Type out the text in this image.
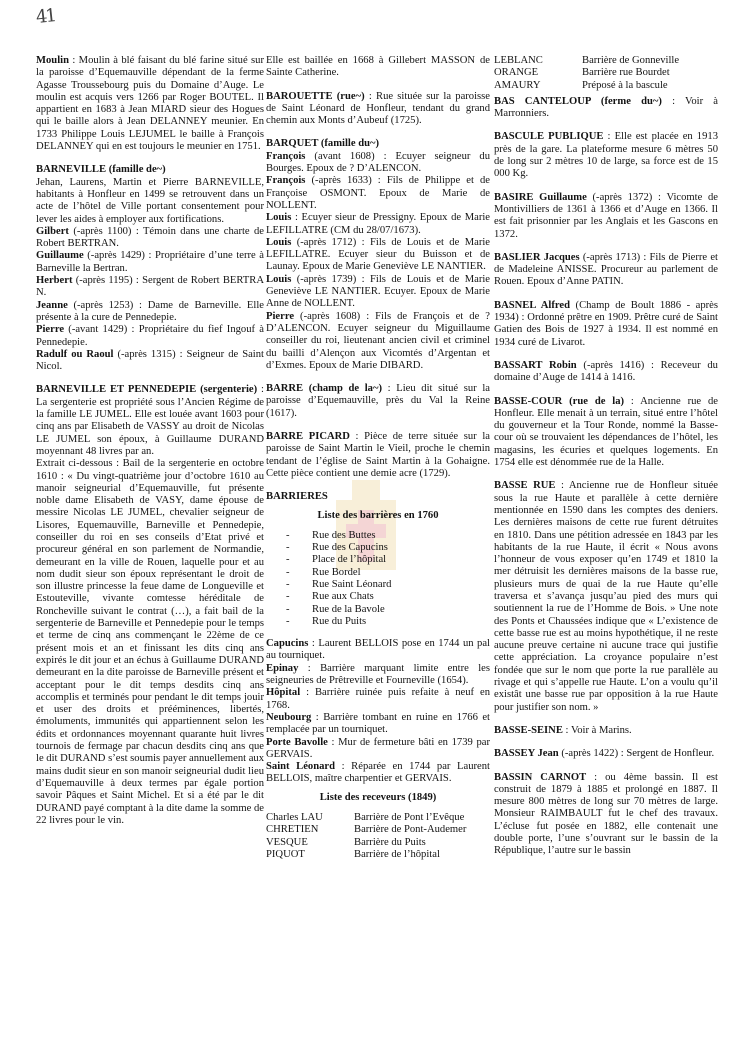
41

Moulin : Moulin à blé faisant du blé farine situé sur la paroisse d’Equemauville dépendant de la ferme Agasse Troussebourg puis du Domaine d’Auge. Le moulin est acquis vers 1266 par Roger BOUTEL. Il appartient en 1683 à Jean MIARD sieur des Hogues qui le baille alors à Jean DELANNEY meunier. En 1733 Philippe Louis LEJUMEL le baille à François DELANNEY qui en est toujours le meunier en 1751.

BARNEVILLE (famille de~)

Jehan, Laurens, Martin et Pierre BARNEVILLE, habitants à Honfleur en 1499 se retrouvent dans un acte de l’hôtel de Ville portant consentement pour lever les aides à employer aux fortifications.

Gilbert (-après 1100) : Témoin dans une charte de Robert BERTRAN.

Guillaume (-après 1429) : Propriétaire d’une terre à Barneville la Bertran.

Herbert (-après 1195) : Sergent de Robert BERTRA N.

Jeanne (-après 1253) : Dame de Barneville. Elle présente à la cure de Pennedepie.

Pierre (-avant 1429) : Propriétaire du fief Ingouf à Pennedepie.

Radulf ou Raoul (-après 1315) : Seigneur de Saint Nicol.

BARNEVILLE ET PENNEDEPIE (sergenterie) : La sergenterie est propriété sous l’Ancien Régime de la famille LE JUMEL. Elle est louée avant 1603 pour cinq ans par Elisabeth de VASSY au droit de Nicolas LE JUMEL son époux, à Guillaume DURAND moyennant 48 livres par an.

Extrait ci-dessous : Bail de la sergenterie en octobre 1610 : « Du vingt-quatrième jour d’octobre 1610 au manoir seigneurial d’Equemauville, fut présente noble dame Elisabeth de VASY, dame épouse de messire Nicolas LE JUMEL, chevalier seigneur de Lisores, Equemauville, Barneville et Pennedepie, conseiller du roi en ses conseils d’Etat privé et procureur général en son parlement de Normandie, demeurant en la ville de Rouen, laquelle pour et au nom dudit sieur son époux représentant le droit de son illustre princesse la feue dame de Longueville et Estouteville, vivante comtesse héréditale de Roncheville suivant le contrat (…), a fait bail de la sergenterie de Barneville et Pennedepie pour le temps et terme de cinq ans commençant le 22ème de ce présent mois et an et finissant les dits cinq ans expirés le dit jour et an échus à Guillaume DURAND demeurant en la dite paroisse de Barneville présent et acceptant pour le dit temps desdits cinq ans accomplis et terminés pour pendant le dit temps jouir et user des droits et prééminences, libertés, émoluments, immunités qui appartiennent selon les édits et ordonnances moyennant quarante huit livres tournois de fermage par chacun desdits cinq ans que le dit DURAND s’est soumis payer annuellement aux mains dudit sieur en son manoir seigneurial dudit lieu d’Equemauville à deux termes par égale portion savoir Pâques et Saint Michel. Et si a été par le dit DURAND payé comptant à la dite dame la somme de 22 livres pour le vin.

Elle est baillée en 1668 à Gillebert MASSON de Sainte Catherine.

BAROUETTE (rue~) : Rue située sur la paroisse de Saint Léonard de Honfleur, tendant du grand chemin aux Monts d’Aubeuf (1725).

BARQUET (famille du~)

François (avant 1608) : Ecuyer seigneur du Bourges. Epoux de ? D’ALENCON.

François (-après 1633) : Fils de Philippe et de Françoise OSMONT. Epoux de Marie de NOLLENT.

Louis : Ecuyer sieur de Pressigny. Epoux de Marie LEFILLATRE (CM du 28/07/1673).

Louis (-après 1712) : Fils de Louis et de Marie LEFILLATRE. Ecuyer sieur du Buisson et de Launay. Epoux de Marie Geneviève LE NANTIER.

Louis (-après 1739) : Fils de Louis et de Marie Geneviève LE NANTIER. Ecuyer. Epoux de Marie Anne de NOLLENT.

Pierre (-après 1608) : Fils de François et de ? D’ALENCON. Ecuyer seigneur du Miguillaume conseiller du roi, lieutenant ancien civil et criminel du bailli d’Alençon aux Vicomtés d’Argentan et d’Exmes. Epoux de Marie DIBARD.

BARRE (champ de la~) : Lieu dit situé sur la paroisse d’Equemauville, près du Val la Reine (1617).

BARRE PICARD : Pièce de terre située sur la paroisse de Saint Martin le Vieil, proche le chemin tendant de l’église de Saint Martin à la Gohaigne. Cette pièce contient une demie acre (1729).

BARRIERES

Liste des barrières en 1760
-	Rue des Buttes
-	Rue des Capucins
-	Place de l’hôpital
-	Rue Bordel
-	Rue Saint Léonard
-	Rue aux Chats
-	Rue de la Bavole
-	Rue du Puits

Capucins : Laurent BELLOIS pose en 1744 un pal au tourniquet.

Epinay : Barrière marquant limite entre les seigneuries de Prêtreville et Fourneville (1654).

Hôpital : Barrière ruinée puis refaite à neuf en 1768.

Neubourg : Barrière tombant en ruine en 1766 et remplacée par un tourniquet.

Porte Bavolle : Mur de fermeture bâti en 1739 par GERVAIS.

Saint Léonard : Réparée en 1744 par Laurent BELLOIS, maître charpentier et GERVAIS.

Liste des receveurs (1849)
Charles LAU	Barrière de Pont l’Evêque
CHRETIEN	Barrière de Pont-Audemer
VESQUE	Barrière du Puits
PIQUOT	Barrière de l’hôpital
LEBLANC	Barrière de Gonneville
ORANGE	Barrière rue Bourdet
AMAURY	Préposé à la bascule

BAS CANTELOUP (ferme du~) : Voir à Marronniers.

BASCULE PUBLIQUE : Elle est placée en 1913 près de la gare. La plateforme mesure 6 mètres 50 de long sur 2 mètres 10 de large, sa force est de 15 000 Kg.

BASIRE Guillaume (-après 1372) : Vicomte de Montivilliers de 1361 à 1366 et d’Auge en 1366. Il est fait prisonnier par les Anglais et les Gascons en 1372.

BASLIER Jacques (-après 1713) : Fils de Pierre et de Madeleine ANISSE. Procureur au parlement de Rouen. Epoux d’Anne PATIN.

BASNEL Alfred (Champ de Boult 1886 - après 1934) : Ordonné prêtre en 1909. Prêtre curé de Saint Gatien des Bois de 1927 à 1934. Il est nommé en 1934 curé de Livarot.

BASSART Robin (-après 1416) : Receveur du domaine d’Auge de 1414 à 1416.

BASSE-COUR (rue de la) : Ancienne rue de Honfleur. Elle menait à un terrain, situé entre l’hôtel du gouverneur et la Tour Ronde, nommé la Basse-cour où se trouvaient les dépendances de l’hôtel, les magasins, les écuries et quelques logements. En 1754 elle est dénommée rue de la Halle.

BASSE RUE : Ancienne rue de Honfleur située sous la rue Haute et parallèle à cette dernière mentionnée en 1590 dans les comptes des deniers. Les dernières maisons de cette rue furent détruites en 1810. Dans une pétition adressée en 1843 par les habitants de la rue Haute, il écrit « Nous avons l’honneur de vous exposer qu’en 1749 et 1810 la mer détruisit les dernières maisons de la basse rue, plusieurs murs de quai de la rue Haute qu’elle traversa et s’avança jusqu’au pied des murs qui soutiennent la rue de l’Homme de Bois. » Une note des Ponts et Chaussées indique que « L’existence de cette basse rue est au moins hypothétique, il ne reste aucune preuve certaine ni aucune trace qui justifie cette appréciation. La croyance populaire n’est fondée que sur le nom que porte la rue parallèle au rivage et qui s’appelle rue Haute. L’on a voulu qu’il existât une basse rue par opposition à la rue Haute pour justifier son nom. »

BASSE-SEINE : Voir à Marins.

BASSEY Jean (-après 1422) : Sergent de Honfleur.

BASSIN CARNOT : ou 4ème bassin. Il est construit de 1879 à 1885 et prolongé en 1887. Il mesure 800 mètres de long sur 70 mètres de large. Monsieur RAIMBAULT fut le chef des travaux. L’écluse fut posée en 1882, elle contenait une double porte, l’une s’ouvrant sur le bassin de la République, l’autre sur le bassin
